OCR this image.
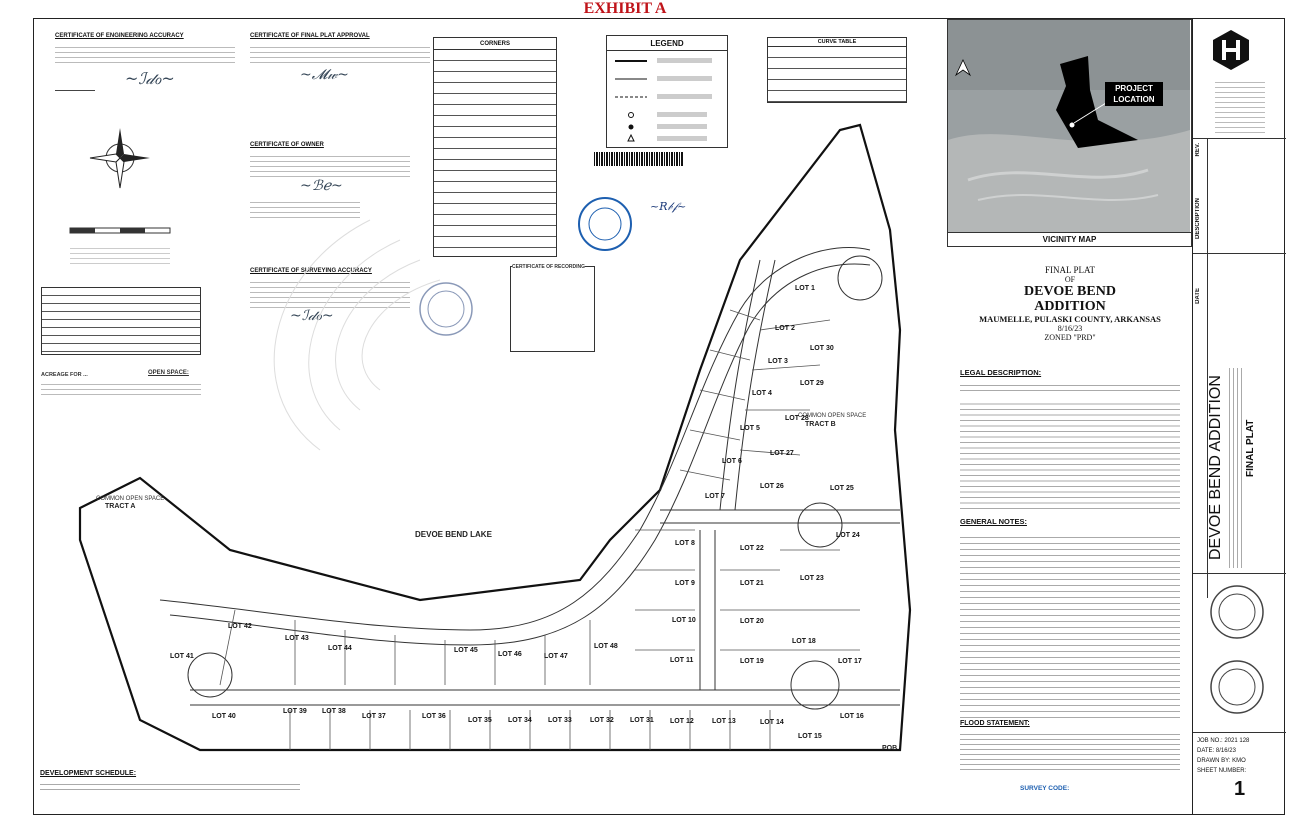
EXHIBIT A
CERTIFICATE OF ENGINEERING ACCURACY
~ℐ𝒹ℴ~
CERTIFICATE OF FINAL PLAT APPROVAL
~𝓜𝓌~
CERTIFICATE OF OWNER
~ℬℯ~
CERTIFICATE OF SURVEYING ACCURACY
~ℐ𝒹ℴ~
ACREAGE FOR ...	OPEN SPACE:
CORNERS	LEGEND	CURVE TABLE
~𝑅𝒷𝒻~
CERTIFICATE OF RECORDING
DEVOE BEND LAKE
COMMON OPEN SPACE
TRACT A
COMMON OPEN SPACE
TRACT B
POB
LOT 1
LOT 2
LOT 3
LOT 4
LOT 5
LOT 6
LOT 7
LOT 8
LOT 9
LOT 10
LOT 11
LOT 12	LOT 13	LOT 14
LOT 15
LOT 16
LOT 17
LOT 18
LOT 19
LOT 20
LOT 21
LOT 22
LOT 23
LOT 24
LOT 25
LOT 26
LOT 27
LOT 28
LOT 29
LOT 30
LOT 31
LOT 32
LOT 33
LOT 34
LOT 35
LOT 36
LOT 37
LOT 38
LOT 39
LOT 40
LOT 41
LOT 42
LOT 43
LOT 44	LOT 45
LOT 46	LOT 47
LOT 48
PROJECT LOCATION
VICINITY MAP
FINAL PLAT
OF
DEVOE BEND
ADDITION
MAUMELLE, PULASKI COUNTY, ARKANSAS
8/16/23
ZONED "PRD"
LEGAL DESCRIPTION:
GENERAL NOTES:
FLOOD STATEMENT:
SURVEY CODE:
DEVELOPMENT SCHEDULE:
REV.
DESCRIPTION
DATE
DEVOE BEND ADDITION FINAL PLAT
JOB NO.: 2021 128
DATE: 8/16/23
DRAWN BY: KMO
SHEET NUMBER:
1
